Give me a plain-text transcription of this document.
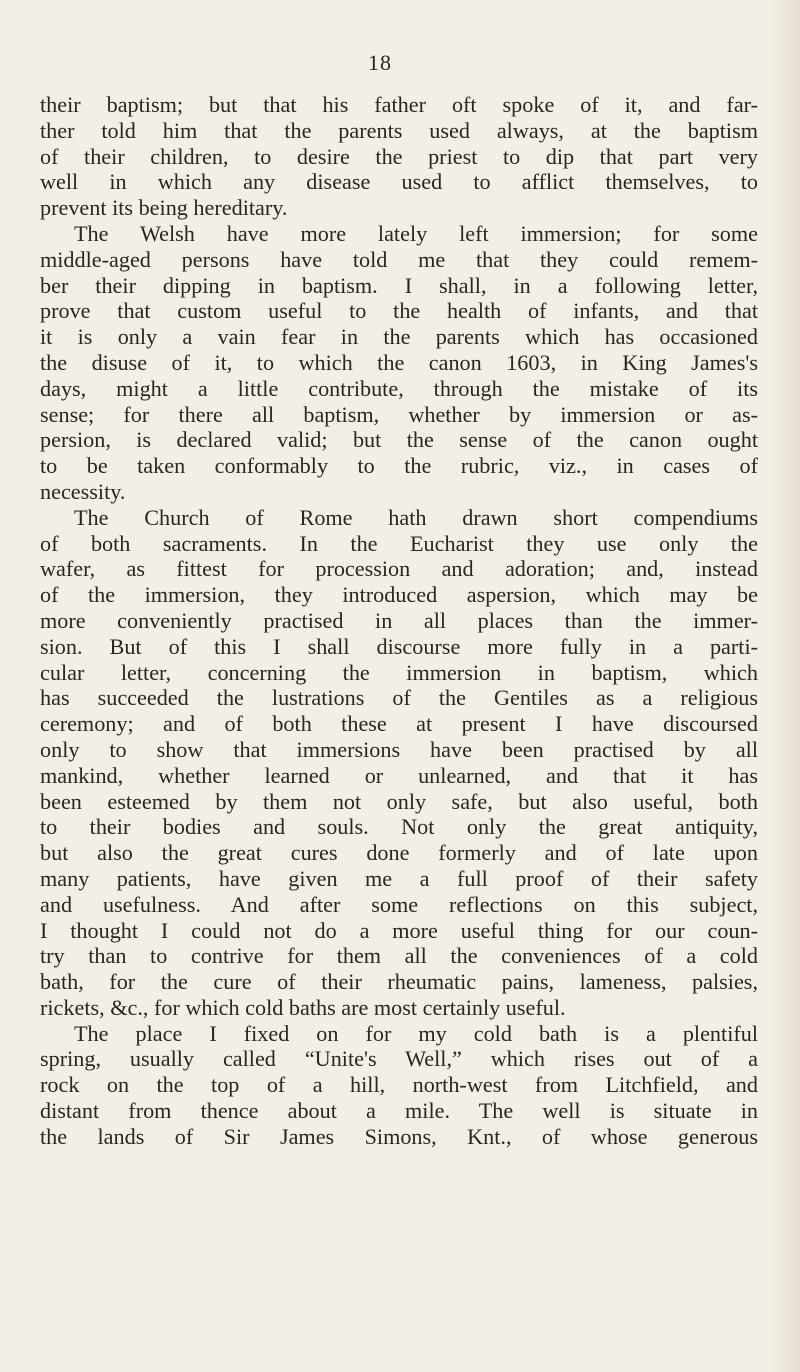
18
their baptism; but that his father oft spoke of it, and far-
ther told him that the parents used always, at the baptism
of their children, to desire the priest to dip that part very
well in which any disease used to afflict themselves, to
prevent its being hereditary.
The Welsh have more lately left immersion; for some
middle-aged persons have told me that they could remem-
ber their dipping in baptism. I shall, in a following letter,
prove that custom useful to the health of infants, and that
it is only a vain fear in the parents which has occasioned
the disuse of it, to which the canon 1603, in King James's
days, might a little contribute, through the mistake of its
sense; for there all baptism, whether by immersion or as-
persion, is declared valid; but the sense of the canon ought
to be taken conformably to the rubric, viz., in cases of
necessity.
The Church of Rome hath drawn short compendiums
of both sacraments. In the Eucharist they use only the
wafer, as fittest for procession and adoration; and, instead
of the immersion, they introduced aspersion, which may be
more conveniently practised in all places than the immer-
sion. But of this I shall discourse more fully in a parti-
cular letter, concerning the immersion in baptism, which
has succeeded the lustrations of the Gentiles as a religious
ceremony; and of both these at present I have discoursed
only to show that immersions have been practised by all
mankind, whether learned or unlearned, and that it has
been esteemed by them not only safe, but also useful, both
to their bodies and souls. Not only the great antiquity,
but also the great cures done formerly and of late upon
many patients, have given me a full proof of their safety
and usefulness. And after some reflections on this subject,
I thought I could not do a more useful thing for our coun-
try than to contrive for them all the conveniences of a cold
bath, for the cure of their rheumatic pains, lameness, palsies,
rickets, &c., for which cold baths are most certainly useful.
The place I fixed on for my cold bath is a plentiful
spring, usually called “Unite's Well,” which rises out of a
rock on the top of a hill, north-west from Litchfield, and
distant from thence about a mile. The well is situate in
the lands of Sir James Simons, Knt., of whose generous
